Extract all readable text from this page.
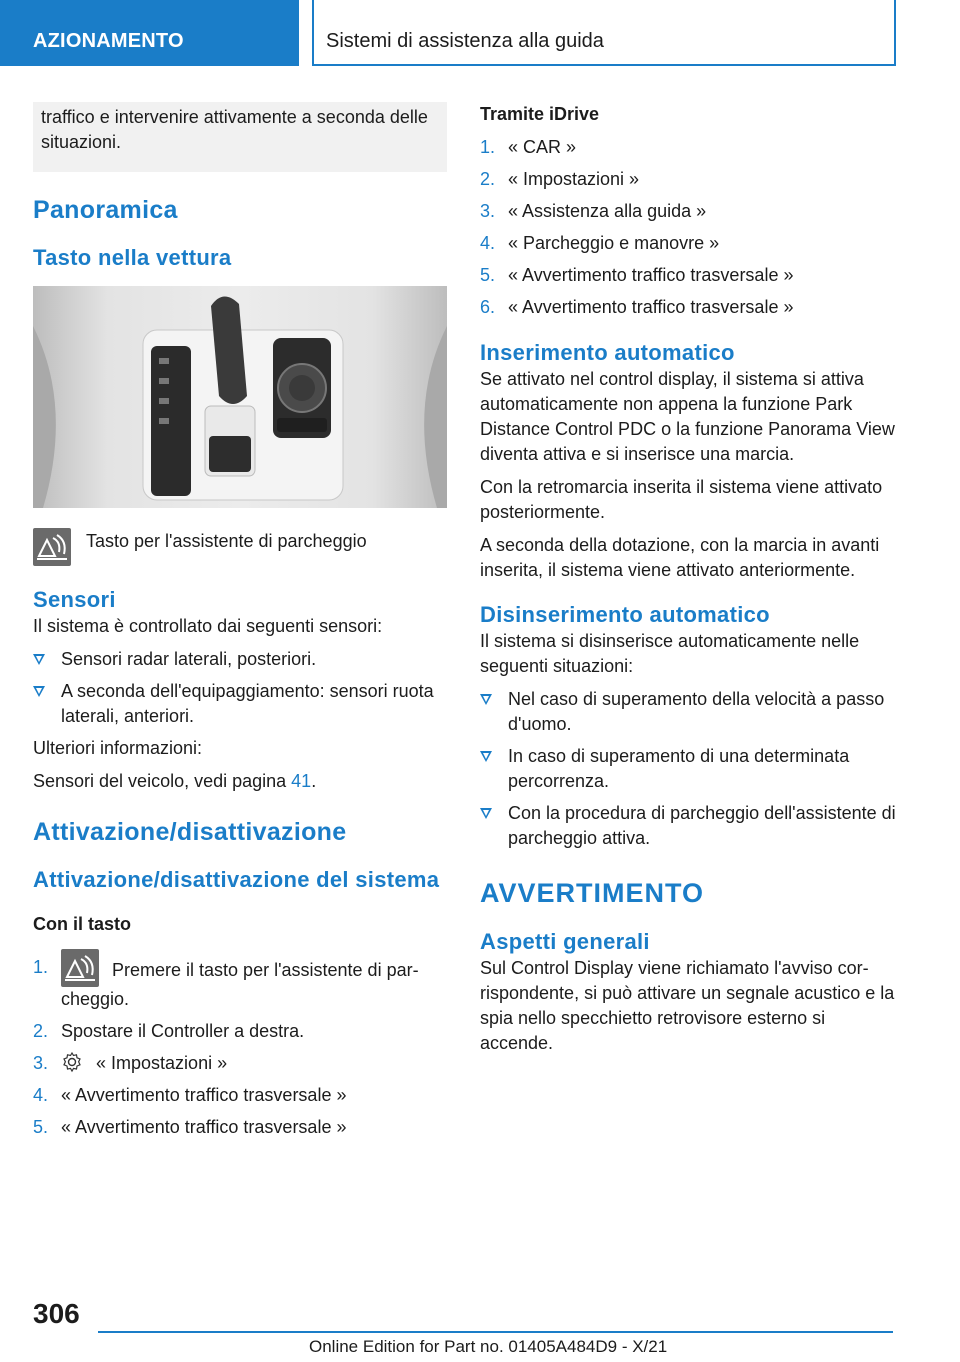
AZIONAMENTO	Sistemi di assistenza alla guida

traffico e intervenire attivamente a seconda delle situazioni.

Panoramica
Tasto nella vettura
Tasto per l'assistente di parcheggio
Sensori

Il sistema è controllato dai seguenti sensori:

Sensori radar laterali, posteriori.
A seconda dell'equipaggiamento: sensori ruota laterali, anteriori.

Ulteriori informazioni:

Sensori del veicolo, vedi pagina 41.

Attivazione/disattivazione
Attivazione/disattivazione del sistema
Con il tasto
1.	Premere il tasto per l'assistente di parcheggio.
2. Spostare il Controller a destra.
3.	« Impostazioni »
4. « Avvertimento traffico trasversale »
5. « Avvertimento traffico trasversale »
Tramite iDrive
1. « CAR »
2. « Impostazioni »
3. « Assistenza alla guida »
4. « Parcheggio e manovre »
5. « Avvertimento traffico trasversale »
6. « Avvertimento traffico trasversale »
Inserimento automatico

Se attivato nel control display, il sistema si attiva automaticamente non appena la funzione Park Distance Control PDC o la funzione Panorama View diventa attiva e si inserisce una marcia.

Con la retromarcia inserita il sistema viene attivato posteriormente.

A seconda della dotazione, con la marcia in avanti inserita, il sistema viene attivato anteriormente.

Disinserimento automatico

Il sistema si disinserisce automaticamente nelle seguenti situazioni:

Nel caso di superamento della velocità a passo d'uomo.
In caso di superamento di una determinata percorrenza.
Con la procedura di parcheggio dell'assistente di parcheggio attiva.
AVVERTIMENTO
Aspetti generali

Sul Control Display viene richiamato l'avviso corrispondente, si può attivare un segnale acustico e la spia nello specchietto retrovisore esterno si accende.

306
Online Edition for Part no. 01405A484D9 - X/21
